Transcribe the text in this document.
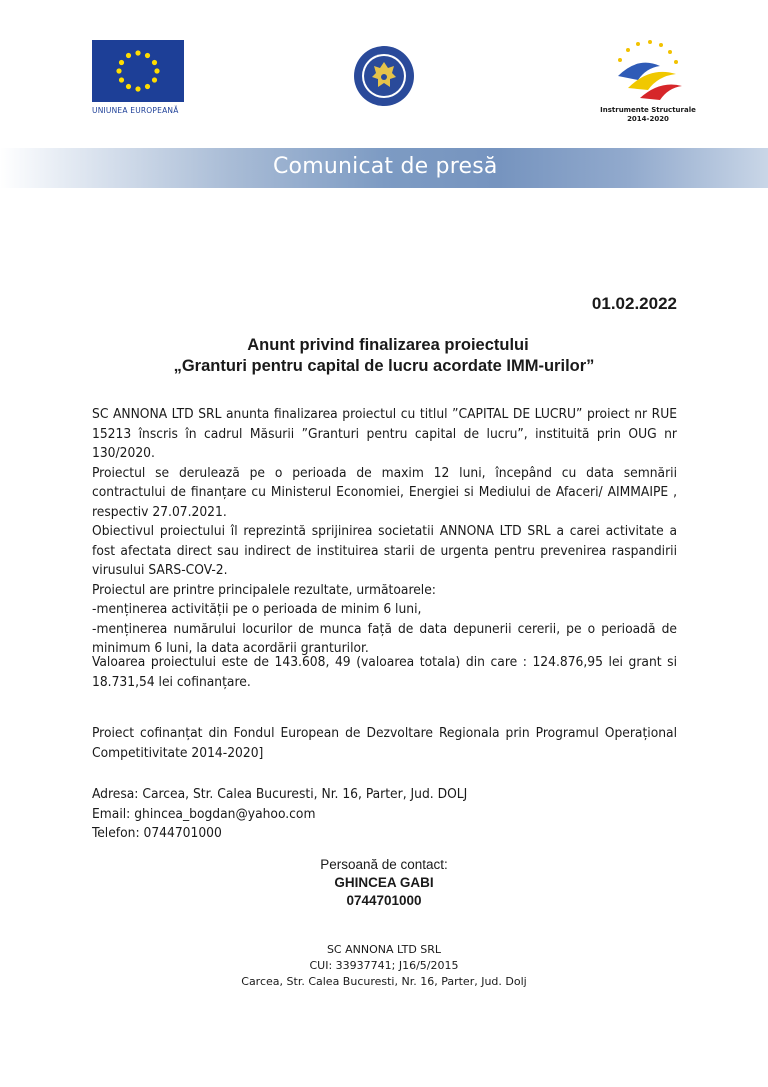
UNIUNEA EUROPEANĂ	Instrumente Structurale
2014-2020
Comunicat de presă
01.02.2022
Anunt privind finalizarea proiectului
„Granturi pentru capital de lucru acordate IMM-urilor”

SC ANNONA LTD SRL anunta finalizarea proiectul cu titlul ”CAPITAL DE LUCRU” proiect nr RUE 15213 înscris în cadrul Măsurii ”Granturi pentru capital de lucru”, instituită prin OUG nr 130/2020.

Proiectul se derulează pe o perioada de maxim 12 luni, începând cu data semnării contractului de finanțare cu Ministerul Economiei, Energiei si Mediului de Afaceri/ AIMMAIPE , respectiv 27.07.2021.

Obiectivul proiectului îl reprezintă sprijinirea societatii ANNONA LTD SRL a carei activitate a fost afectata direct sau indirect de instituirea starii de urgenta pentru prevenirea raspandirii virusului SARS-COV-2.

Proiectul are printre principalele rezultate, următoarele:

-menținerea activității pe o perioada de minim 6 luni,

-menținerea numărului locurilor de munca față de data depunerii cererii, pe o perioadă de minimum 6 luni, la data acordării granturilor.

Valoarea proiectului este de 143.608, 49 (valoarea totala) din care : 124.876,95 lei grant si 18.731,54 lei cofinanțare.

Proiect cofinanțat din Fondul European de Dezvoltare Regionala prin Programul Operațional Competitivitate 2014-2020]

Adresa: Carcea, Str. Calea Bucuresti, Nr. 16, Parter, Jud. DOLJ

Email: ghincea_bogdan@yahoo.com

Telefon: 0744701000

Persoană de contact:
GHINCEA GABI
0744701000
SC ANNONA LTD SRL
CUI: 33937741; J16/5/2015
Carcea, Str. Calea Bucuresti, Nr. 16, Parter, Jud. Dolj
